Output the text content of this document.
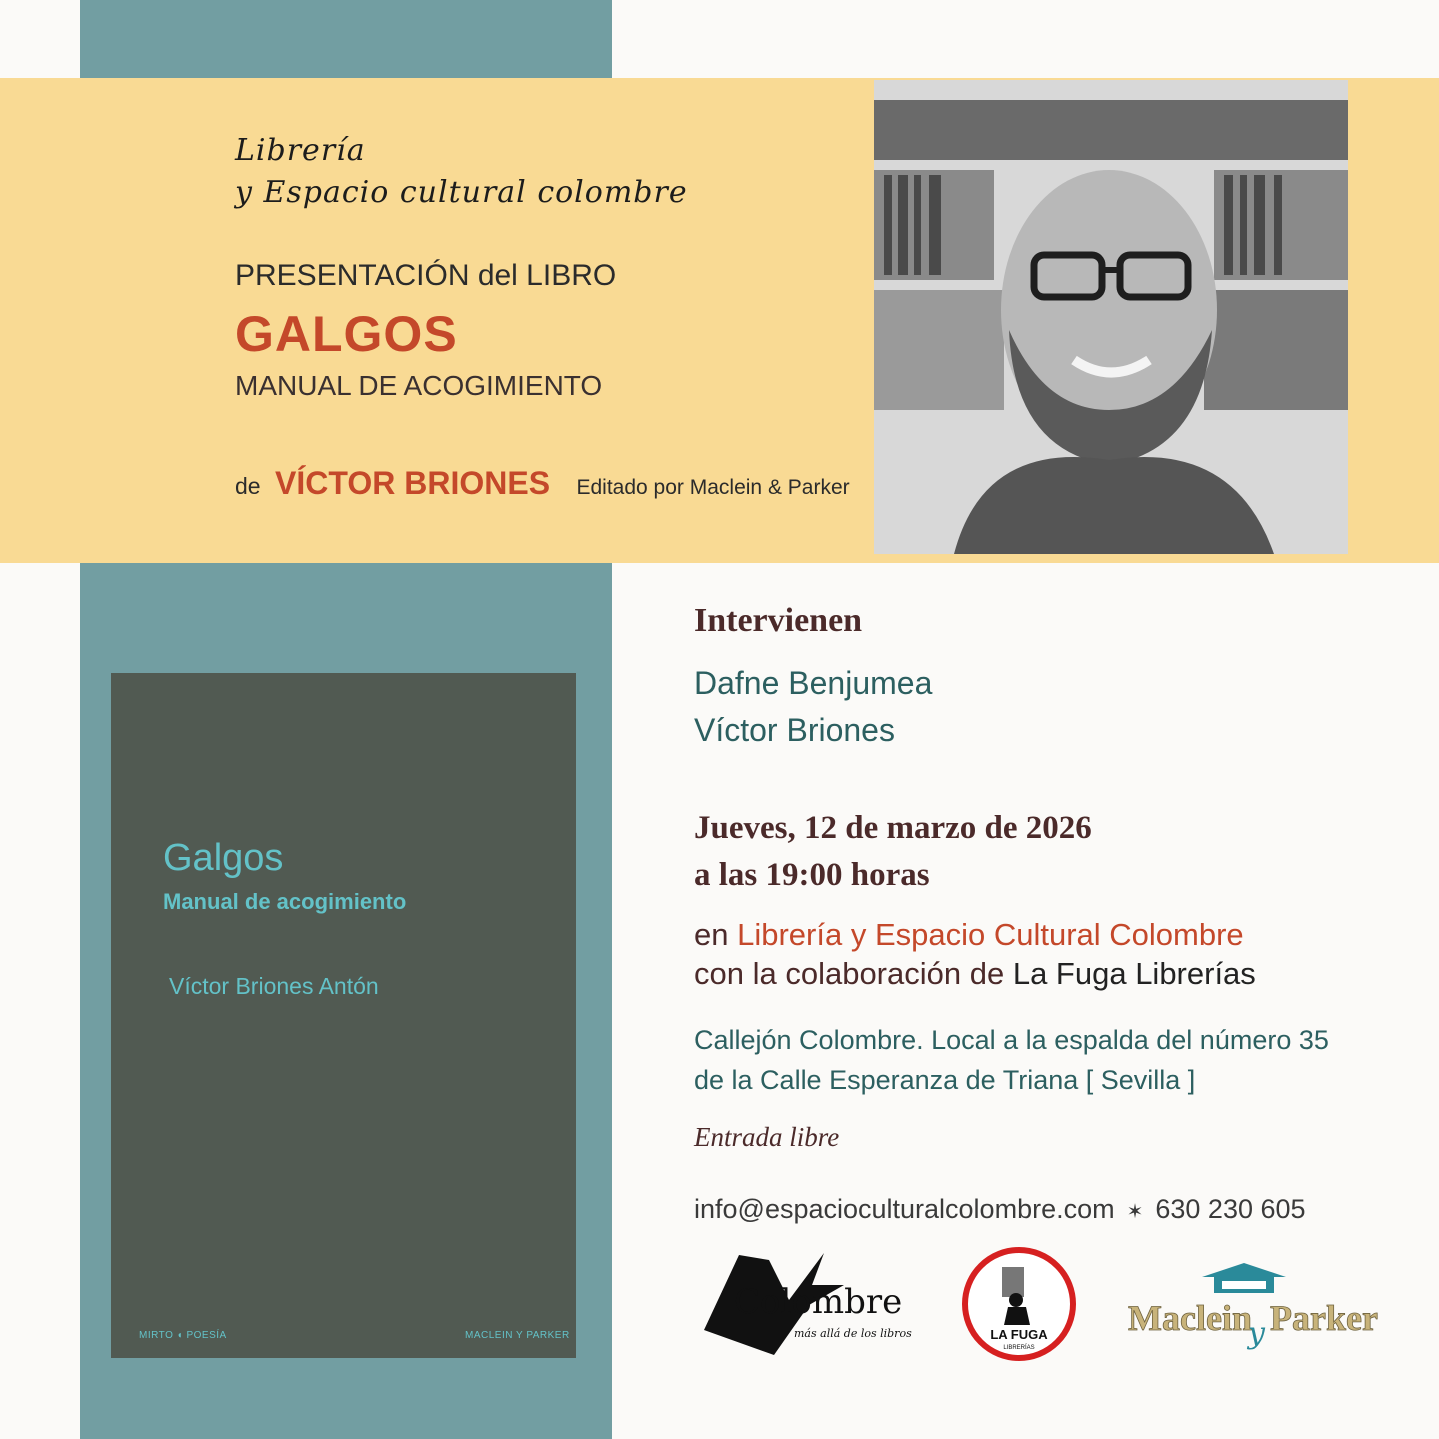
Librería
y Espacio cultural colombre
PRESENTACIÓN del LIBRO
GALGOS
MANUAL DE ACOGIMIENTO
de VÍCTOR BRIONES Editado por Maclein & Parker
Galgos
Manual de acogimiento
Víctor Briones Antón
MIRTO ◖ POESÍA	MACLEIN Y PARKER
Intervienen
Dafne Benjumea
Víctor Briones
Jueves, 12 de marzo de 2026
a las 19:00 horas
en Librería y Espacio Cultural Colombre
con la colaboración de La Fuga Librerías
Callejón Colombre. Local a la espalda del número 35
de la Calle Esperanza de Triana [ Sevilla ]
Entrada libre
info@espacioculturalcolombre.com ✶ 630 230 605
Colombre
más allá de los libros	LA FUGA
LIBRERÍAS
Maclein
y Parker
